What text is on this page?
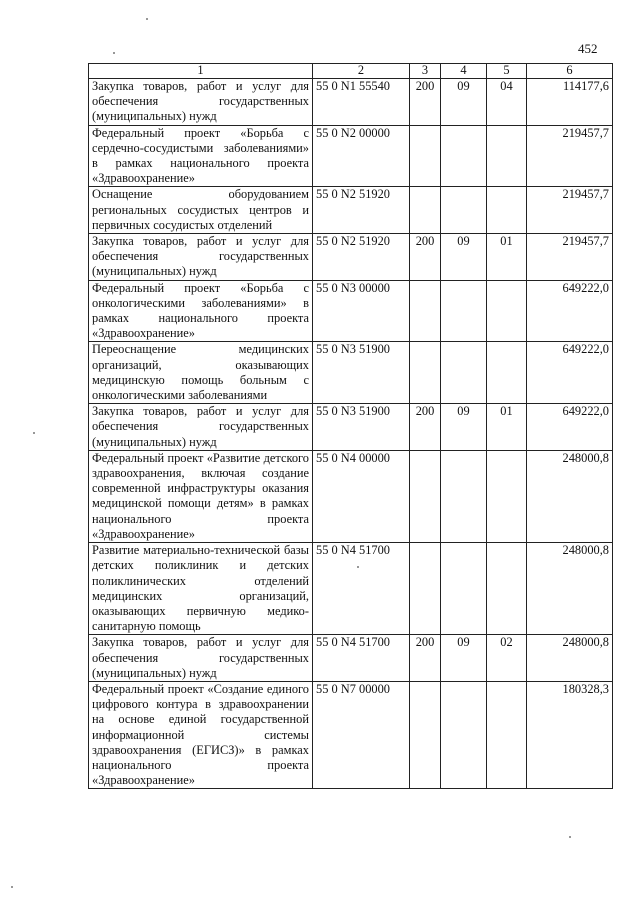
452
1	2	3	4	5	6
Закупка товаров, работ и услуг для обеспечения государственных (муниципальных) нужд	55 0 N1 55540	200	09	04	114177,6
Федеральный проект «Борьба с сердечно-сосудистыми заболеваниями» в рамках национального проекта «Здравоохранение»	55 0 N2 00000				219457,7
Оснащение оборудованием региональных сосудистых центров и первичных сосудистых отделений	55 0 N2 51920				219457,7
Закупка товаров, работ и услуг для обеспечения государственных (муниципальных) нужд	55 0 N2 51920	200	09	01	219457,7
Федеральный проект «Борьба с онкологическими заболеваниями» в рамках национального проекта «Здравоохранение»	55 0 N3 00000				649222,0
Переоснащение медицинских организаций, оказывающих медицинскую помощь больным с онкологическими заболеваниями	55 0 N3 51900				649222,0
Закупка товаров, работ и услуг для обеспечения государственных (муниципальных) нужд	55 0 N3 51900	200	09	01	649222,0
Федеральный проект «Развитие детского здравоохранения, включая создание современной инфраструктуры оказания медицинской помощи детям» в рамках национального проекта «Здравоохранение»	55 0 N4 00000				248000,8
Развитие материально-технической базы детских поликлиник и детских поликлинических отделений медицинских организаций, оказывающих первичную медико-санитарную помощь	55 0 N4 51700				248000,8
Закупка товаров, работ и услуг для обеспечения государственных (муниципальных) нужд	55 0 N4 51700	200	09	02	248000,8
Федеральный проект «Создание единого цифрового контура в здравоохранении на основе единой государственной информационной системы здравоохранения (ЕГИСЗ)» в рамках национального проекта «Здравоохранение»	55 0 N7 00000				180328,3
